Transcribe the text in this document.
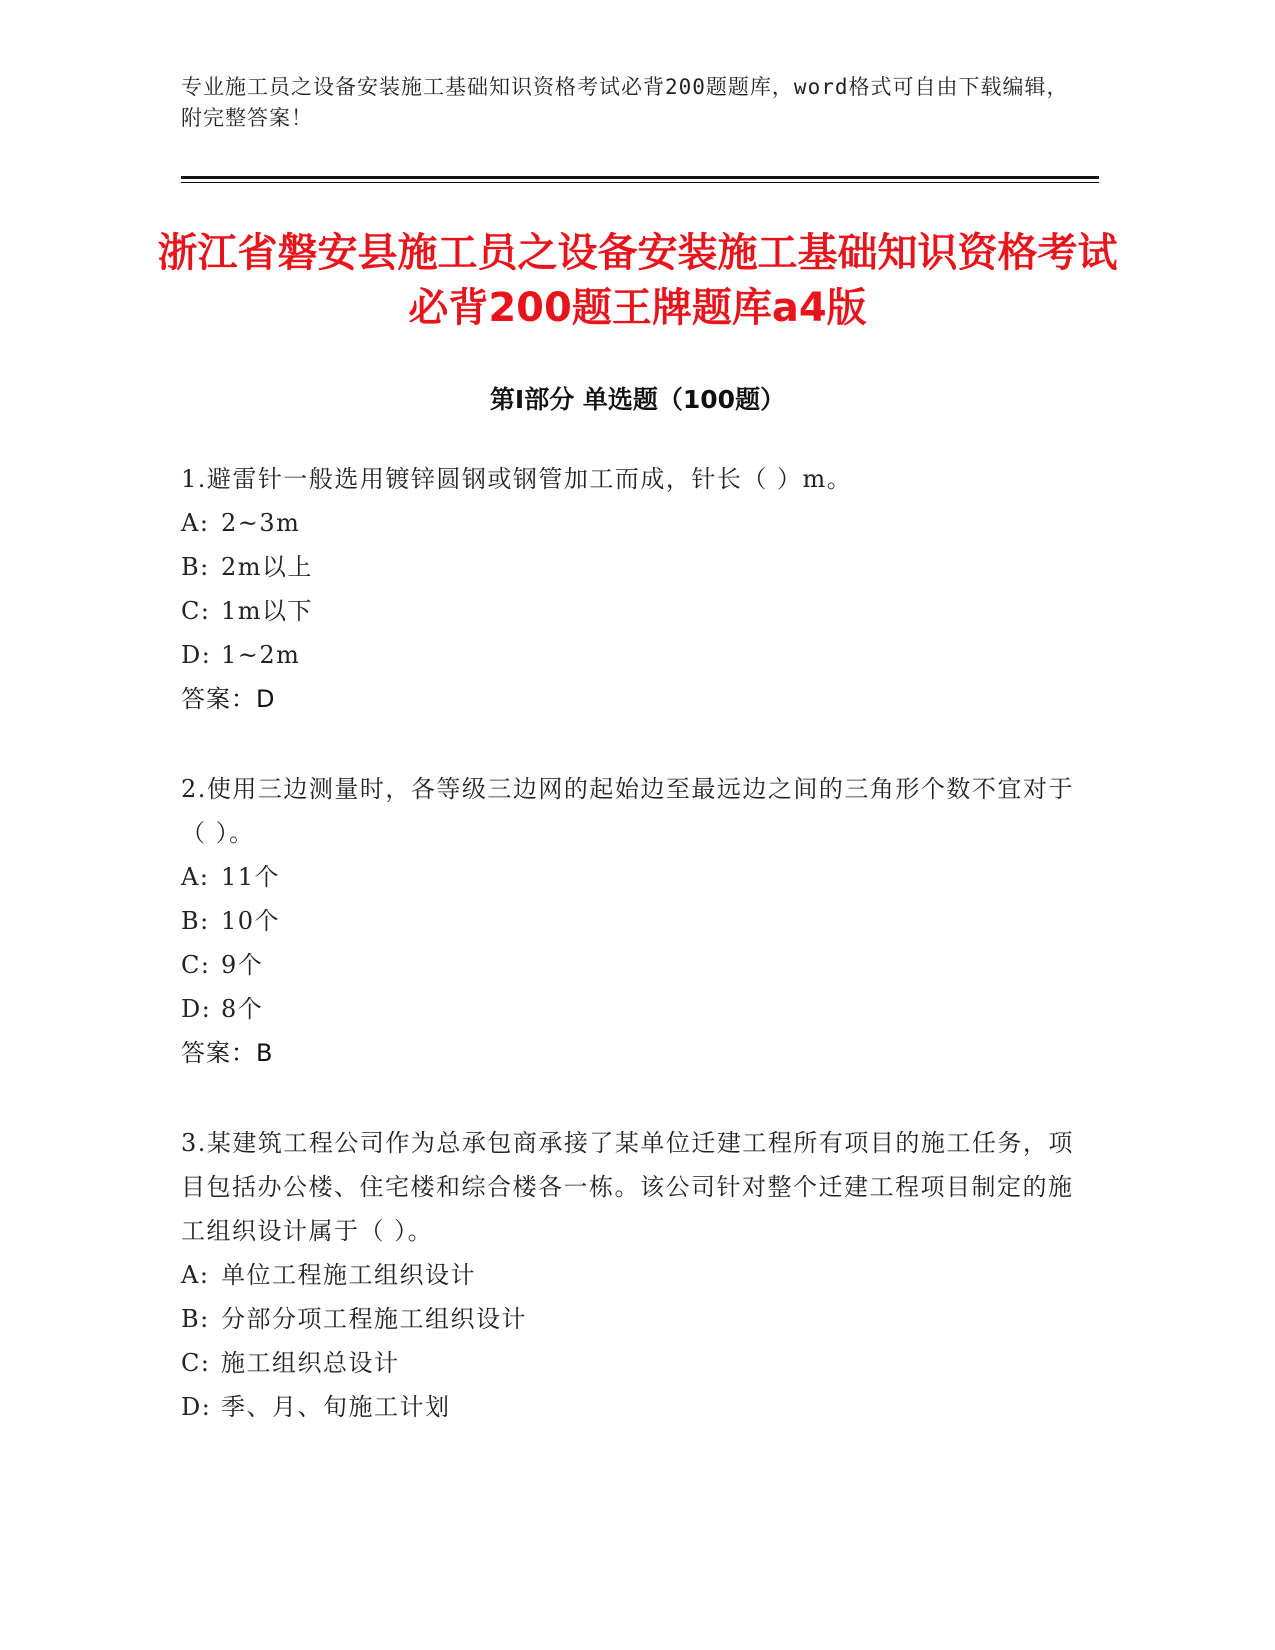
专业施工员之设备安装施工基础知识资格考试必背200题题库，word格式可自由下载编辑，附完整答案！
浙江省磐安县施工员之设备安装施工基础知识资格考试必背200题王牌题库a4版
第I部分 单选题（100题）
1.避雷针一般选用镀锌圆钢或钢管加工而成，针长（ ）m。
A: 2~3m
B: 2m以上
C: 1m以下
D: 1~2m
答案：D
2.使用三边测量时，各等级三边网的起始边至最远边之间的三角形个数不宜对于（ ）。
A: 11个
B: 10个
C: 9个
D: 8个
答案：B
3.某建筑工程公司作为总承包商承接了某单位迁建工程所有项目的施工任务，项目包括办公楼、住宅楼和综合楼各一栋。该公司针对整个迁建工程项目制定的施工组织设计属于（ ）。
A: 单位工程施工组织设计
B: 分部分项工程施工组织设计
C: 施工组织总设计
D: 季、月、旬施工计划
